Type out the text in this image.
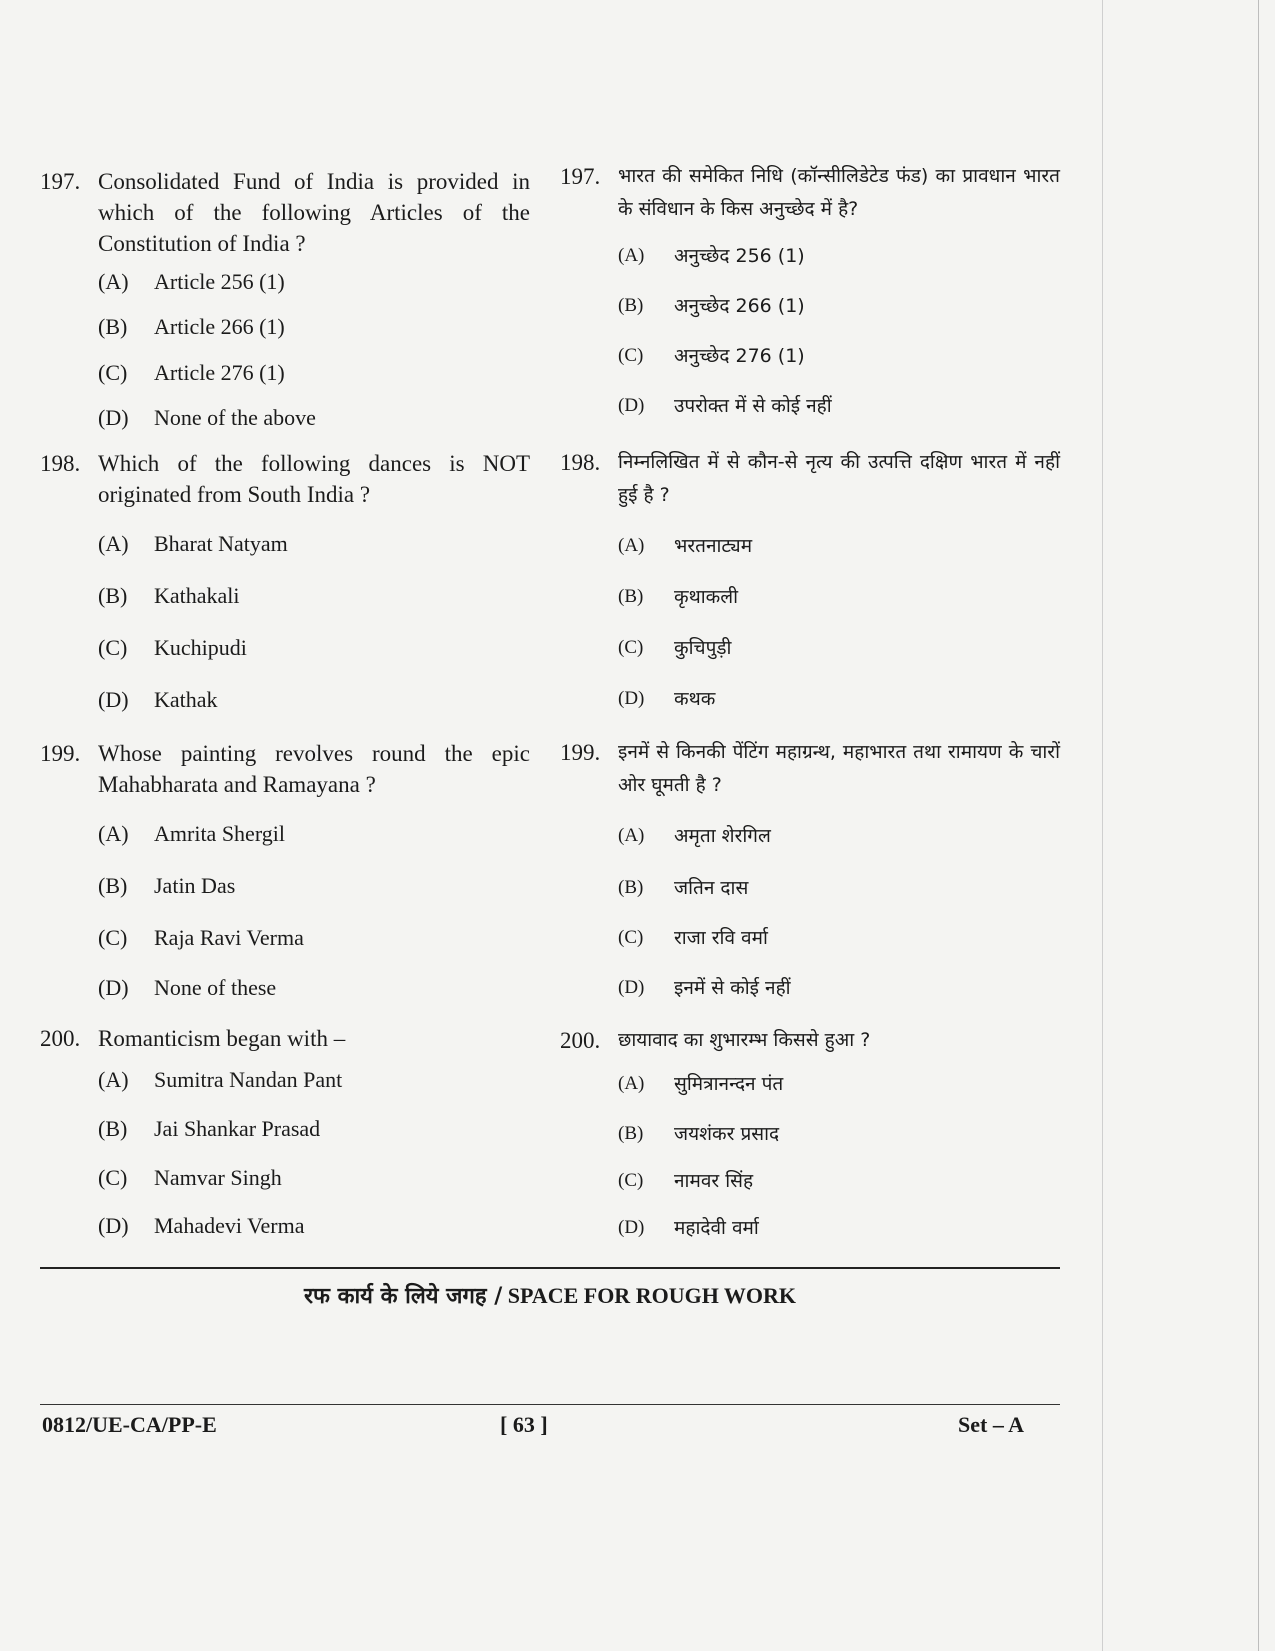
197. Consolidated Fund of India is provided in which of the following Articles of the Constitution of India ?
(A)	Article 256 (1)
(B)	Article 266 (1)
(C)	Article 276 (1)
(D)	None of the above
198. Which of the following dances is NOT originated from South India ?
(A)	Bharat Natyam
(B)	Kathakali
(C)	Kuchipudi
(D)	Kathak
199. Whose painting revolves round the epic Mahabharata and Ramayana ?
(A)	Amrita Shergil
(B)	Jatin Das
(C)	Raja Ravi Verma
(D)	None of these
200. Romanticism began with –
(A)	Sumitra Nandan Pant
(B)	Jai Shankar Prasad
(C)	Namvar Singh
(D)	Mahadevi Verma
197. भारत की समेकित निधि (कॉन्सीलिडेटेड फंड) का प्रावधान भारत के संविधान के किस अनुच्छेद में है?
(A)	अनुच्छेद 256 (1)
(B)	अनुच्छेद 266 (1)
(C)	अनुच्छेद 276 (1)
(D)	उपरोक्त में से कोई नहीं
198. निम्नलिखित में से कौन-से नृत्य की उत्पत्ति दक्षिण भारत में नहीं हुई है ?
(A)	भरतनाट्यम
(B)	कृथाकली
(C)	कुचिपुड़ी
(D)	कथक
199. इनमें से किनकी पेंटिंग महाग्रन्थ, महाभारत तथा रामायण के चारों ओर घूमती है ?
(A)	अमृता शेरगिल
(B)	जतिन दास
(C)	राजा रवि वर्मा
(D)	इनमें से कोई नहीं
200. छायावाद का शुभारम्भ किससे हुआ ?
(A)	सुमित्रानन्दन पंत
(B)	जयशंकर प्रसाद
(C)	नामवर सिंह
(D)	महादेवी वर्मा
रफ कार्य के लिये जगह / SPACE FOR ROUGH WORK
0812/UE-CA/PP-E	[ 63 ]	Set – A
